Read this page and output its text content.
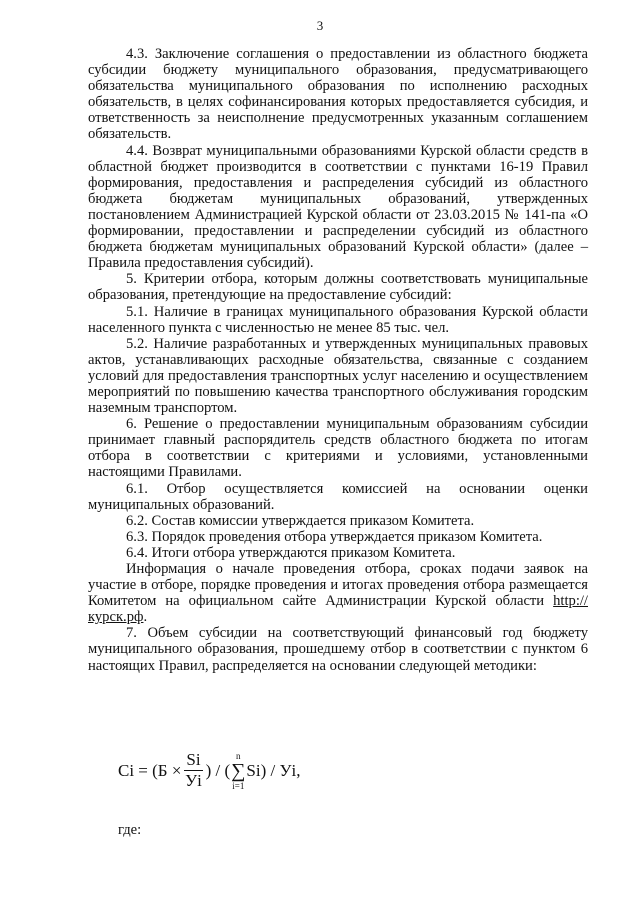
3

4.3. Заключение соглашения о предоставлении из областного бюджета субсидии бюджету муниципального образования, предусматривающего обязательства муниципального образования по исполнению расходных обязательств, в целях софинансирования которых предоставляется субсидия, и ответственность за неисполнение предусмотренных указанным соглашением обязательств.

4.4. Возврат муниципальными образованиями Курской области средств в областной бюджет производится в соответствии с пунктами 16-19 Правил формирования, предоставления и распределения субсидий из областного бюджета бюджетам муниципальных образований, утвержденных постановлением Администрацией Курской области от 23.03.2015 № 141-па «О формировании, предоставлении и распределении субсидий из областного бюджета бюджетам муниципальных образований Курской области» (далее – Правила предоставления субсидий).

5. Критерии отбора, которым должны соответствовать муниципальные образования, претендующие на предоставление субсидий:

5.1. Наличие в границах муниципального образования Курской области населенного пункта с численностью не менее 85 тыс. чел.

5.2. Наличие разработанных и утвержденных муниципальных правовых актов, устанавливающих расходные обязательства, связанные с созданием условий для предоставления транспортных услуг населению и осуществлением мероприятий по повышению качества транспортного обслуживания городским наземным транспортом.

6. Решение о предоставлении муниципальным образованиям субсидии принимает главный распорядитель средств областного бюджета по итогам отбора в соответствии с критериями и условиями, установленными настоящими Правилами.

6.1. Отбор осуществляется комиссией на основании оценки муниципальных образований.

6.2. Состав комиссии утверждается приказом Комитета.

6.3. Порядок проведения отбора утверждается приказом Комитета.

6.4. Итоги отбора утверждаются приказом Комитета.

Информация о начале проведения отбора, сроках подачи заявок на участие в отборе, порядке проведения и итогах проведения отбора размещается Комитетом на официальном сайте Администрации Курской области http://курск.рф.

7. Объем субсидии на соответствующий финансовый год бюджету муниципального образования, прошедшему отбор в соответствии с пунктом 6 настоящих Правил, распределяется на основании следующей методики:

$Ci = (Б \times \frac{Si}{Уi}$ ) / (
n
∑
i=1
Si) / Уi,
где:
